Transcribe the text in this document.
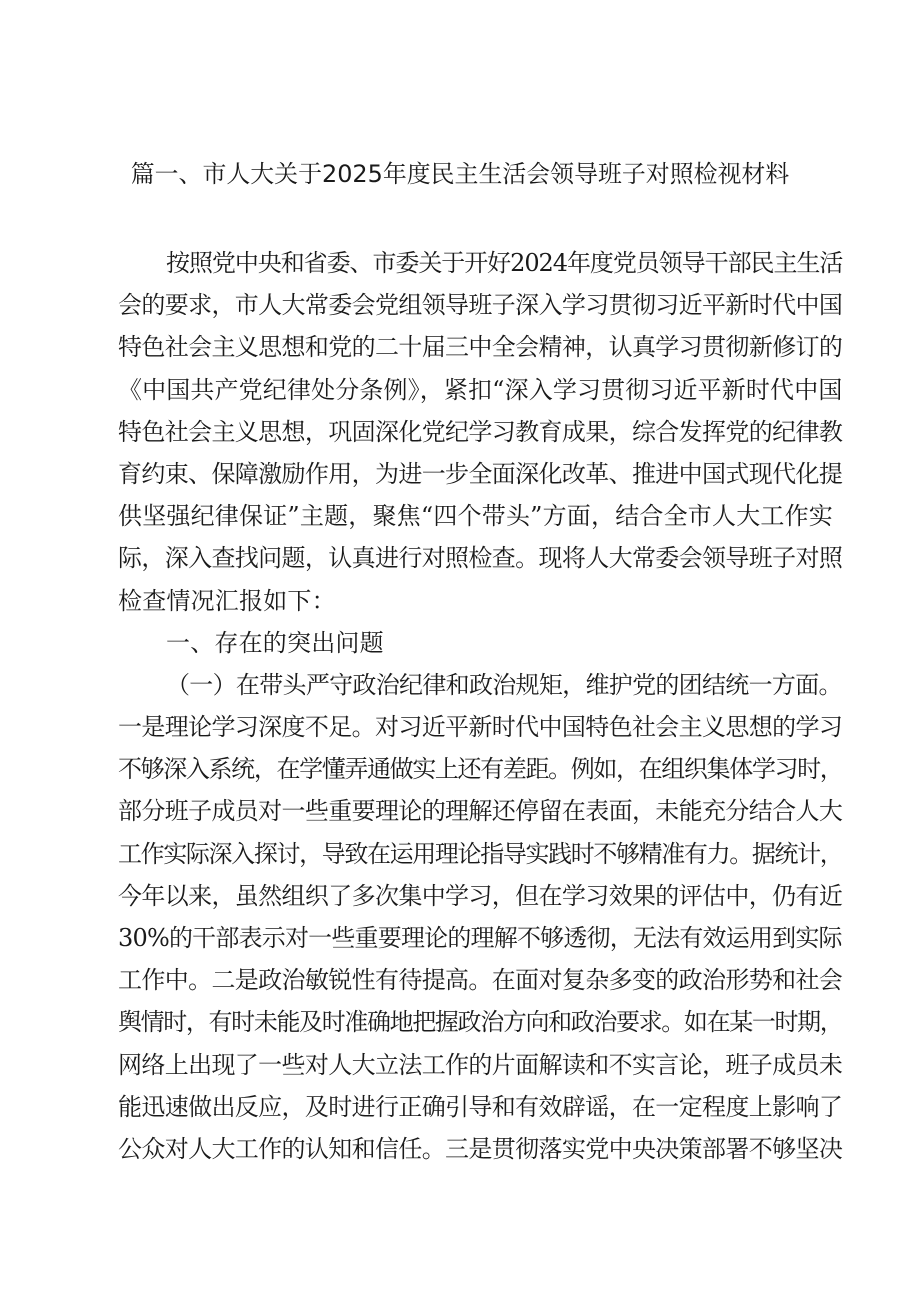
篇一、市人大关于2025年度民主生活会领导班子对照检视材料
按照党中央和省委、市委关于开好2024年度党员领导干部民主生活
会的要求，市人大常委会党组领导班子深入学习贯彻习近平新时代中国
特色社会主义思想和党的二十届三中全会精神，认真学习贯彻新修订的
《中国共产党纪律处分条例》，紧扣“深入学习贯彻习近平新时代中国
特色社会主义思想，巩固深化党纪学习教育成果，综合发挥党的纪律教
育约束、保障激励作用，为进一步全面深化改革、推进中国式现代化提
供坚强纪律保证”主题，聚焦“四个带头”方面，结合全市人大工作实
际，深入查找问题，认真进行对照检查。现将人大常委会领导班子对照
检查情况汇报如下：
一、存在的突出问题
（一）在带头严守政治纪律和政治规矩，维护党的团结统一方面。
一是理论学习深度不足。对习近平新时代中国特色社会主义思想的学习
不够深入系统，在学懂弄通做实上还有差距。例如，在组织集体学习时，
部分班子成员对一些重要理论的理解还停留在表面，未能充分结合人大
工作实际深入探讨，导致在运用理论指导实践时不够精准有力。据统计，
今年以来，虽然组织了多次集中学习，但在学习效果的评估中，仍有近
30%的干部表示对一些重要理论的理解不够透彻，无法有效运用到实际
工作中。二是政治敏锐性有待提高。在面对复杂多变的政治形势和社会
舆情时，有时未能及时准确地把握政治方向和政治要求。如在某一时期，
网络上出现了一些对人大立法工作的片面解读和不实言论，班子成员未
能迅速做出反应，及时进行正确引导和有效辟谣，在一定程度上影响了
公众对人大工作的认知和信任。三是贯彻落实党中央决策部署不够坚决
